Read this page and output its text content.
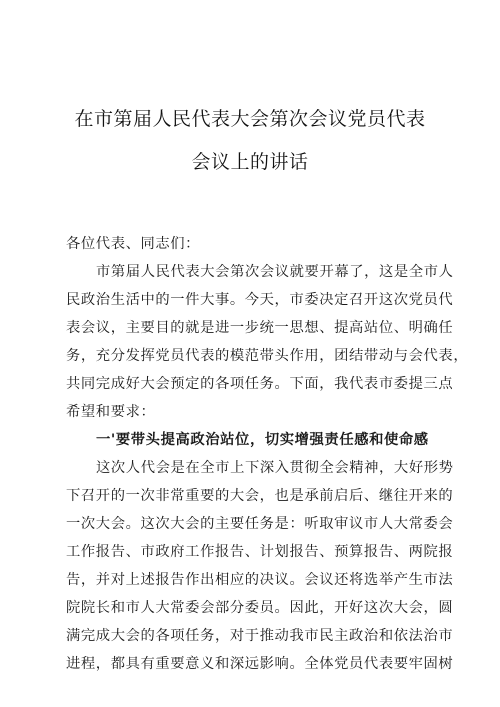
在市第届人民代表大会第次会议党员代表
会议上的讲话
各位代表、同志们：
市第届人民代表大会第次会议就要开幕了，这是全市人
民政治生活中的一件大事。今天，市委决定召开这次党员代
表会议，主要目的就是进一步统一思想、提高站位、明确任
务，充分发挥党员代表的模范带头作用，团结带动与会代表，
共同完成好大会预定的各项任务。下面，我代表市委提三点
希望和要求：
一'要带头提高政治站位，切实增强责任感和使命感
这次人代会是在全市上下深入贯彻全会精神，大好形势
下召开的一次非常重要的大会，也是承前启后、继往开来的
一次大会。这次大会的主要任务是：听取审议市人大常委会
工作报告、市政府工作报告、计划报告、预算报告、两院报
告，并对上述报告作出相应的决议。会议还将选举产生市法
院院长和市人大常委会部分委员。因此，开好这次大会，圆
满完成大会的各项任务，对于推动我市民主政治和依法治市
进程，都具有重要意义和深远影响。全体党员代表要牢固树
